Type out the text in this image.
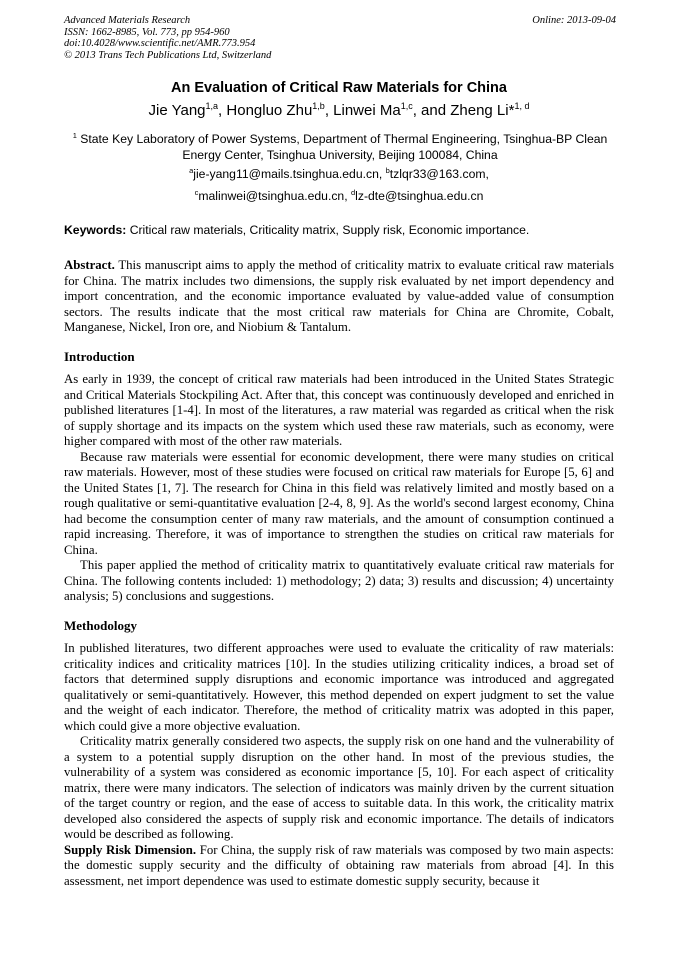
Advanced Materials Research
ISSN: 1662-8985, Vol. 773, pp 954-960
doi:10.4028/www.scientific.net/AMR.773.954
© 2013 Trans Tech Publications Ltd, Switzerland
Online: 2013-09-04
An Evaluation of Critical Raw Materials for China
Jie Yang$^{1,a}$, Hongluo Zhu$^{1,b}$, Linwei Ma$^{1,c}$, and Zheng Li*$^{1, d}$
$^1$ State Key Laboratory of Power Systems, Department of Thermal Engineering, Tsinghua-BP Clean Energy Center, Tsinghua University, Beijing 100084, China
$^a$jie-yang11@mails.tsinghua.edu.cn, $^b$tzlqr33@163.com,
$^c$malinwei@tsinghua.edu.cn, $^d$lz-dte@tsinghua.edu.cn
Keywords: Critical raw materials, Criticality matrix, Supply risk, Economic importance.

Abstract. This manuscript aims to apply the method of criticality matrix to evaluate critical raw materials for China. The matrix includes two dimensions, the supply risk evaluated by net import dependency and import concentration, and the economic importance evaluated by value-added value of consumption sectors. The results indicate that the most critical raw materials for China are Chromite, Cobalt, Manganese, Nickel, Iron ore, and Niobium & Tantalum.

Introduction

As early in 1939, the concept of critical raw materials had been introduced in the United States Strategic and Critical Materials Stockpiling Act. After that, this concept was continuously developed and enriched in published literatures [1-4]. In most of the literatures, a raw material was regarded as critical when the risk of supply shortage and its impacts on the system which used these raw materials, such as economy, were higher compared with most of the other raw materials.

Because raw materials were essential for economic development, there were many studies on critical raw materials. However, most of these studies were focused on critical raw materials for Europe [5, 6] and the United States [1, 7]. The research for China in this field was relatively limited and mostly based on a rough qualitative or semi-quantitative evaluation [2-4, 8, 9]. As the world's second largest economy, China had become the consumption center of many raw materials, and the amount of consumption continued a rapid increasing. Therefore, it was of importance to strengthen the studies on critical raw materials for China.

This paper applied the method of criticality matrix to quantitatively evaluate critical raw materials for China. The following contents included: 1) methodology; 2) data; 3) results and discussion; 4) uncertainty analysis; 5) conclusions and suggestions.

Methodology

In published literatures, two different approaches were used to evaluate the criticality of raw materials: criticality indices and criticality matrices [10]. In the studies utilizing criticality indices, a broad set of factors that determined supply disruptions and economic importance was introduced and aggregated qualitatively or semi-quantitatively. However, this method depended on expert judgment to set the value and the weight of each indicator. Therefore, the method of criticality matrix was adopted in this paper, which could give a more objective evaluation.

Criticality matrix generally considered two aspects, the supply risk on one hand and the vulnerability of a system to a potential supply disruption on the other hand. In most of the previous studies, the vulnerability of a system was considered as economic importance [5, 10]. For each aspect of criticality matrix, there were many indicators. The selection of indicators was mainly driven by the current situation of the target country or region, and the ease of access to suitable data. In this work, the criticality matrix developed also considered the aspects of supply risk and economic importance. The details of indicators would be described as following.

Supply Risk Dimension. For China, the supply risk of raw materials was composed by two main aspects: the domestic supply security and the difficulty of obtaining raw materials from abroad [4]. In this assessment, net import dependence was used to estimate domestic supply security, because it
